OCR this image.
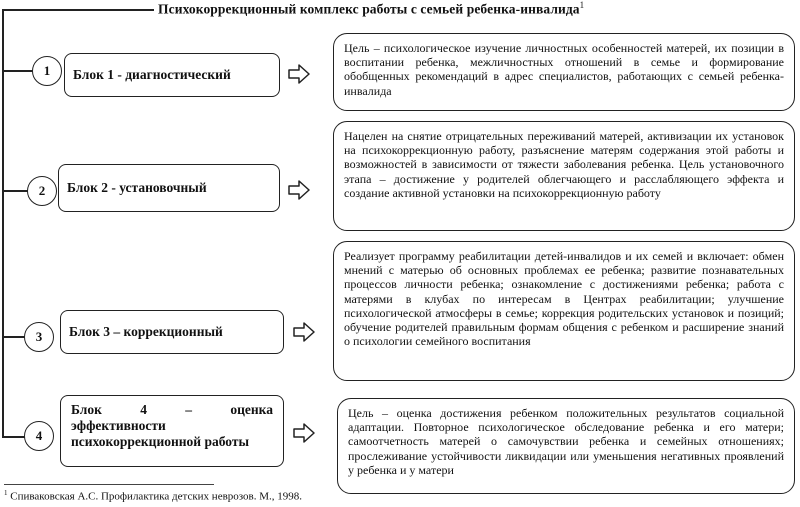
Психокоррекционный комплекс работы с семьей ребенка-инвалида$^1$
1	Блок 1 - диагностический
Цель – психологическое изучение личностных особенностей матерей, их позиции в воспитании ребенка, межличностных отношений в семье и формирование обобщенных рекомендаций в адрес специалистов, работающих с семьей ребенка-инвалида
2	Блок 2 - установочный
Нацелен на снятие отрицательных переживаний матерей, активизации их установок на психокоррекционную работу, разъяснение матерям содержания этой работы и возможностей в зависимости от тяжести заболевания ребенка. Цель установочного этапа – достижение у родителей облегчающего и расслабляющего эффекта и создание активной установки на психокоррекционную работу
3	Блок 3 – коррекционный
Реализует программу реабилитации детей-инвалидов и их семей и включает: обмен мнений с матерью об основных проблемах ее ребенка; развитие познавательных процессов личности ребенка; ознакомление с достижениями ребенка; работа с матерями в клубах по интересам в Центрах реабилитации; улучшение психологической атмосферы в семье; коррекция родительских установок и позиций; обучение родителей правильным формам общения с ребенком и расширение знаний о психологии семейного воспитания
4
Блок	4	–	оценка
эффективности
психокоррекционной работы
Цель – оценка достижения ребенком положительных результатов социальной адаптации. Повторное психологическое обследование ребенка и его матери; самоотчетность матерей о самочувствии ребенка и семейных отношениях; прослеживание устойчивости ликвидации или уменьшения негативных проявлений у ребенка и у матери
$^1$ Спиваковская А.С. Профилактика детских неврозов. М., 1998.
